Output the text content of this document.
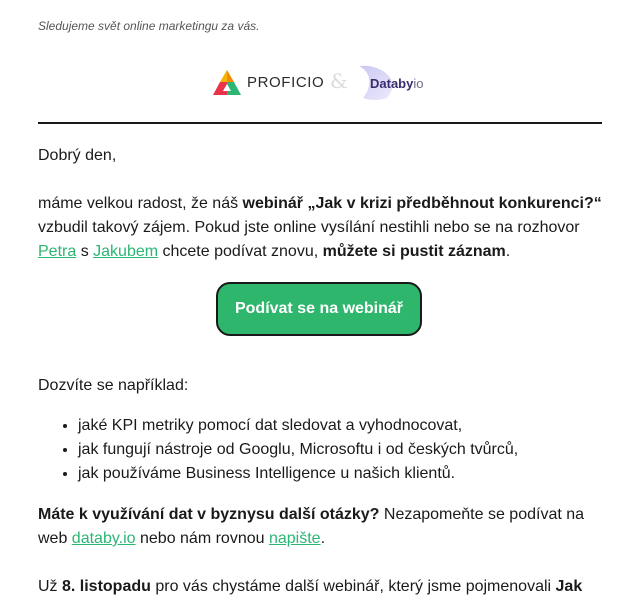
Sledujeme svět online marketingu za vás.
PROFICIO & Databyio
Dobrý den,
máme velkou radost, že náš webinář „Jak v krizi předběhnout konkurenci?“ vzbudil takový zájem. Pokud jste online vysílání nestihli nebo se na rozhovor Petra s Jakubem chcete podívat znovu, můžete si pustit záznam.
Podívat se na webinář
Dozvíte se například:
• jaké KPI metriky pomocí dat sledovat a vyhodnocovat,
• jak fungují nástroje od Googlu, Microsoftu i od českých tvůrců,
• jak používáme Business Intelligence u našich klientů.
Máte k využívání dat v byznysu další otázky? Nezapomeňte se podívat na web databy.io nebo nám rovnou napište.
Už 8. listopadu pro vás chystáme další webinář, který jsme pojmenovali Jak
